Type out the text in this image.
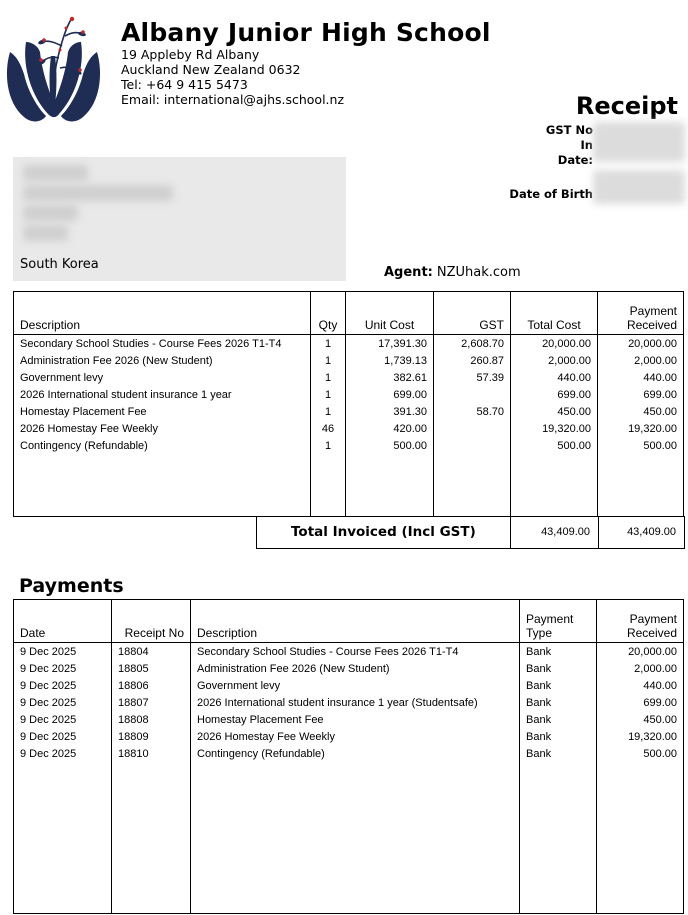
Albany Junior High School
19 Appleby Rd Albany
Auckland New Zealand 0632
Tel: +64 9 415 5473
Email: international@ajhs.school.nz	Receipt
GST No
In
Date:
Date of Birth
South Korea
Agent: NZUhak.com
Description	Qty	Unit Cost	GST	Total Cost	Payment
Received
Secondary School Studies - Course Fees 2026 T1-T4	1	17,391.30	2,608.70	20,000.00	20,000.00
Administration Fee 2026 (New Student)	1	1,739.13	260.87	2,000.00	2,000.00
Government levy	1	382.61	57.39	440.00	440.00
2026 International student insurance 1 year	1	699.00		699.00	699.00
Homestay Placement Fee	1	391.30	58.70	450.00	450.00
2026 Homestay Fee Weekly	46	420.00		19,320.00	19,320.00
Contingency (Refundable)	1	500.00		500.00	500.00

Total Invoiced (Incl GST)	43,409.00	43,409.00
Payments
Date	Receipt No	Description	Payment
Type	Payment
Received
9 Dec 2025	18804	Secondary School Studies - Course Fees 2026 T1-T4	Bank	20,000.00
9 Dec 2025	18805	Administration Fee 2026 (New Student)	Bank	2,000.00
9 Dec 2025	18806	Government levy	Bank	440.00
9 Dec 2025	18807	2026 International student insurance 1 year (Studentsafe)	Bank	699.00
9 Dec 2025	18808	Homestay Placement Fee	Bank	450.00
9 Dec 2025	18809	2026 Homestay Fee Weekly	Bank	19,320.00
9 Dec 2025	18810	Contingency (Refundable)	Bank	500.00
